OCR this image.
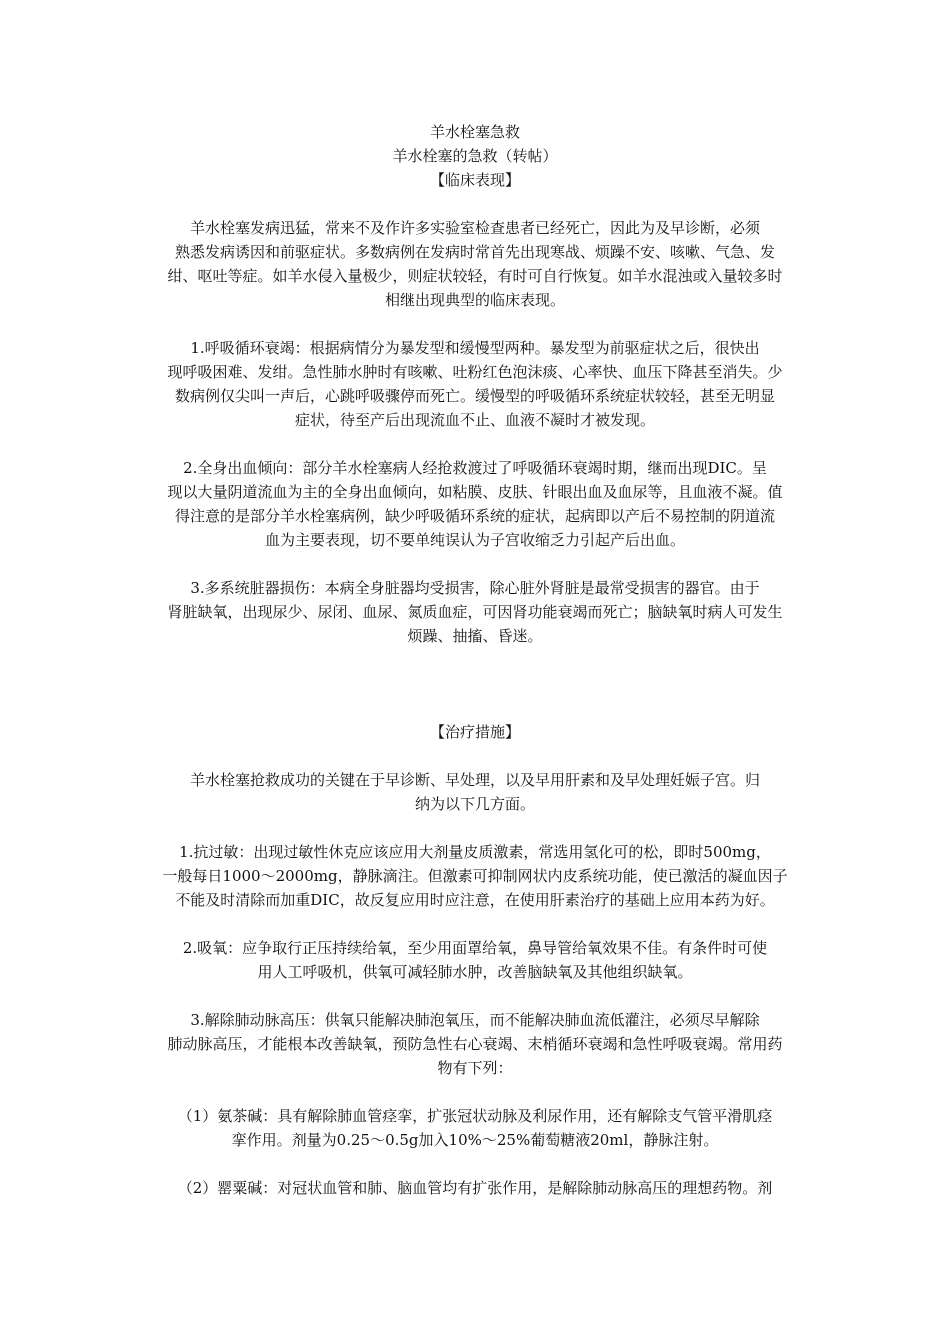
羊水栓塞急救
羊水栓塞的急救（转帖）
【临床表现】
羊水栓塞发病迅猛，常来不及作许多实验室检查患者已经死亡，因此为及早诊断，必须
熟悉发病诱因和前驱症状。多数病例在发病时常首先出现寒战、烦躁不安、咳嗽、气急、发
绀、呕吐等症。如羊水侵入量极少，则症状较轻，有时可自行恢复。如羊水混浊或入量较多时
相继出现典型的临床表现。
1.呼吸循环衰竭：根据病情分为暴发型和缓慢型两种。暴发型为前驱症状之后，很快出
现呼吸困难、发绀。急性肺水肿时有咳嗽、吐粉红色泡沫痰、心率快、血压下降甚至消失。少
数病例仅尖叫一声后，心跳呼吸骤停而死亡。缓慢型的呼吸循环系统症状较轻，甚至无明显
症状，待至产后出现流血不止、血液不凝时才被发现。
2.全身出血倾向：部分羊水栓塞病人经抢救渡过了呼吸循环衰竭时期，继而出现DIC。呈
现以大量阴道流血为主的全身出血倾向，如粘膜、皮肤、针眼出血及血尿等，且血液不凝。值
得注意的是部分羊水栓塞病例，缺少呼吸循环系统的症状，起病即以产后不易控制的阴道流
血为主要表现，切不要单纯误认为子宫收缩乏力引起产后出血。
3.多系统脏器损伤：本病全身脏器均受损害，除心脏外肾脏是最常受损害的器官。由于
肾脏缺氧，出现尿少、尿闭、血尿、氮质血症，可因肾功能衰竭而死亡；脑缺氧时病人可发生
烦躁、抽搐、昏迷。
【治疗措施】
羊水栓塞抢救成功的关键在于早诊断、早处理，以及早用肝素和及早处理妊娠子宫。归
纳为以下几方面。
1.抗过敏：出现过敏性休克应该应用大剂量皮质激素，常选用氢化可的松，即时500mg，
一般每日1000～2000mg，静脉滴注。但激素可抑制网状内皮系统功能，使已激活的凝血因子
不能及时清除而加重DIC，故反复应用时应注意，在使用肝素治疗的基础上应用本药为好。
2.吸氧：应争取行正压持续给氧，至少用面罩给氧，鼻导管给氧效果不佳。有条件时可使
用人工呼吸机，供氧可减轻肺水肿，改善脑缺氧及其他组织缺氧。
3.解除肺动脉高压：供氧只能解决肺泡氧压，而不能解决肺血流低灌注，必须尽早解除
肺动脉高压，才能根本改善缺氧，预防急性右心衰竭、末梢循环衰竭和急性呼吸衰竭。常用药
物有下列：
（1）氨茶碱：具有解除肺血管痉挛，扩张冠状动脉及利尿作用，还有解除支气管平滑肌痉
挛作用。剂量为0.25～0.5g加入10%～25%葡萄糖液20ml，静脉注射。
（2）罂粟碱：对冠状血管和肺、脑血管均有扩张作用，是解除肺动脉高压的理想药物。剂
